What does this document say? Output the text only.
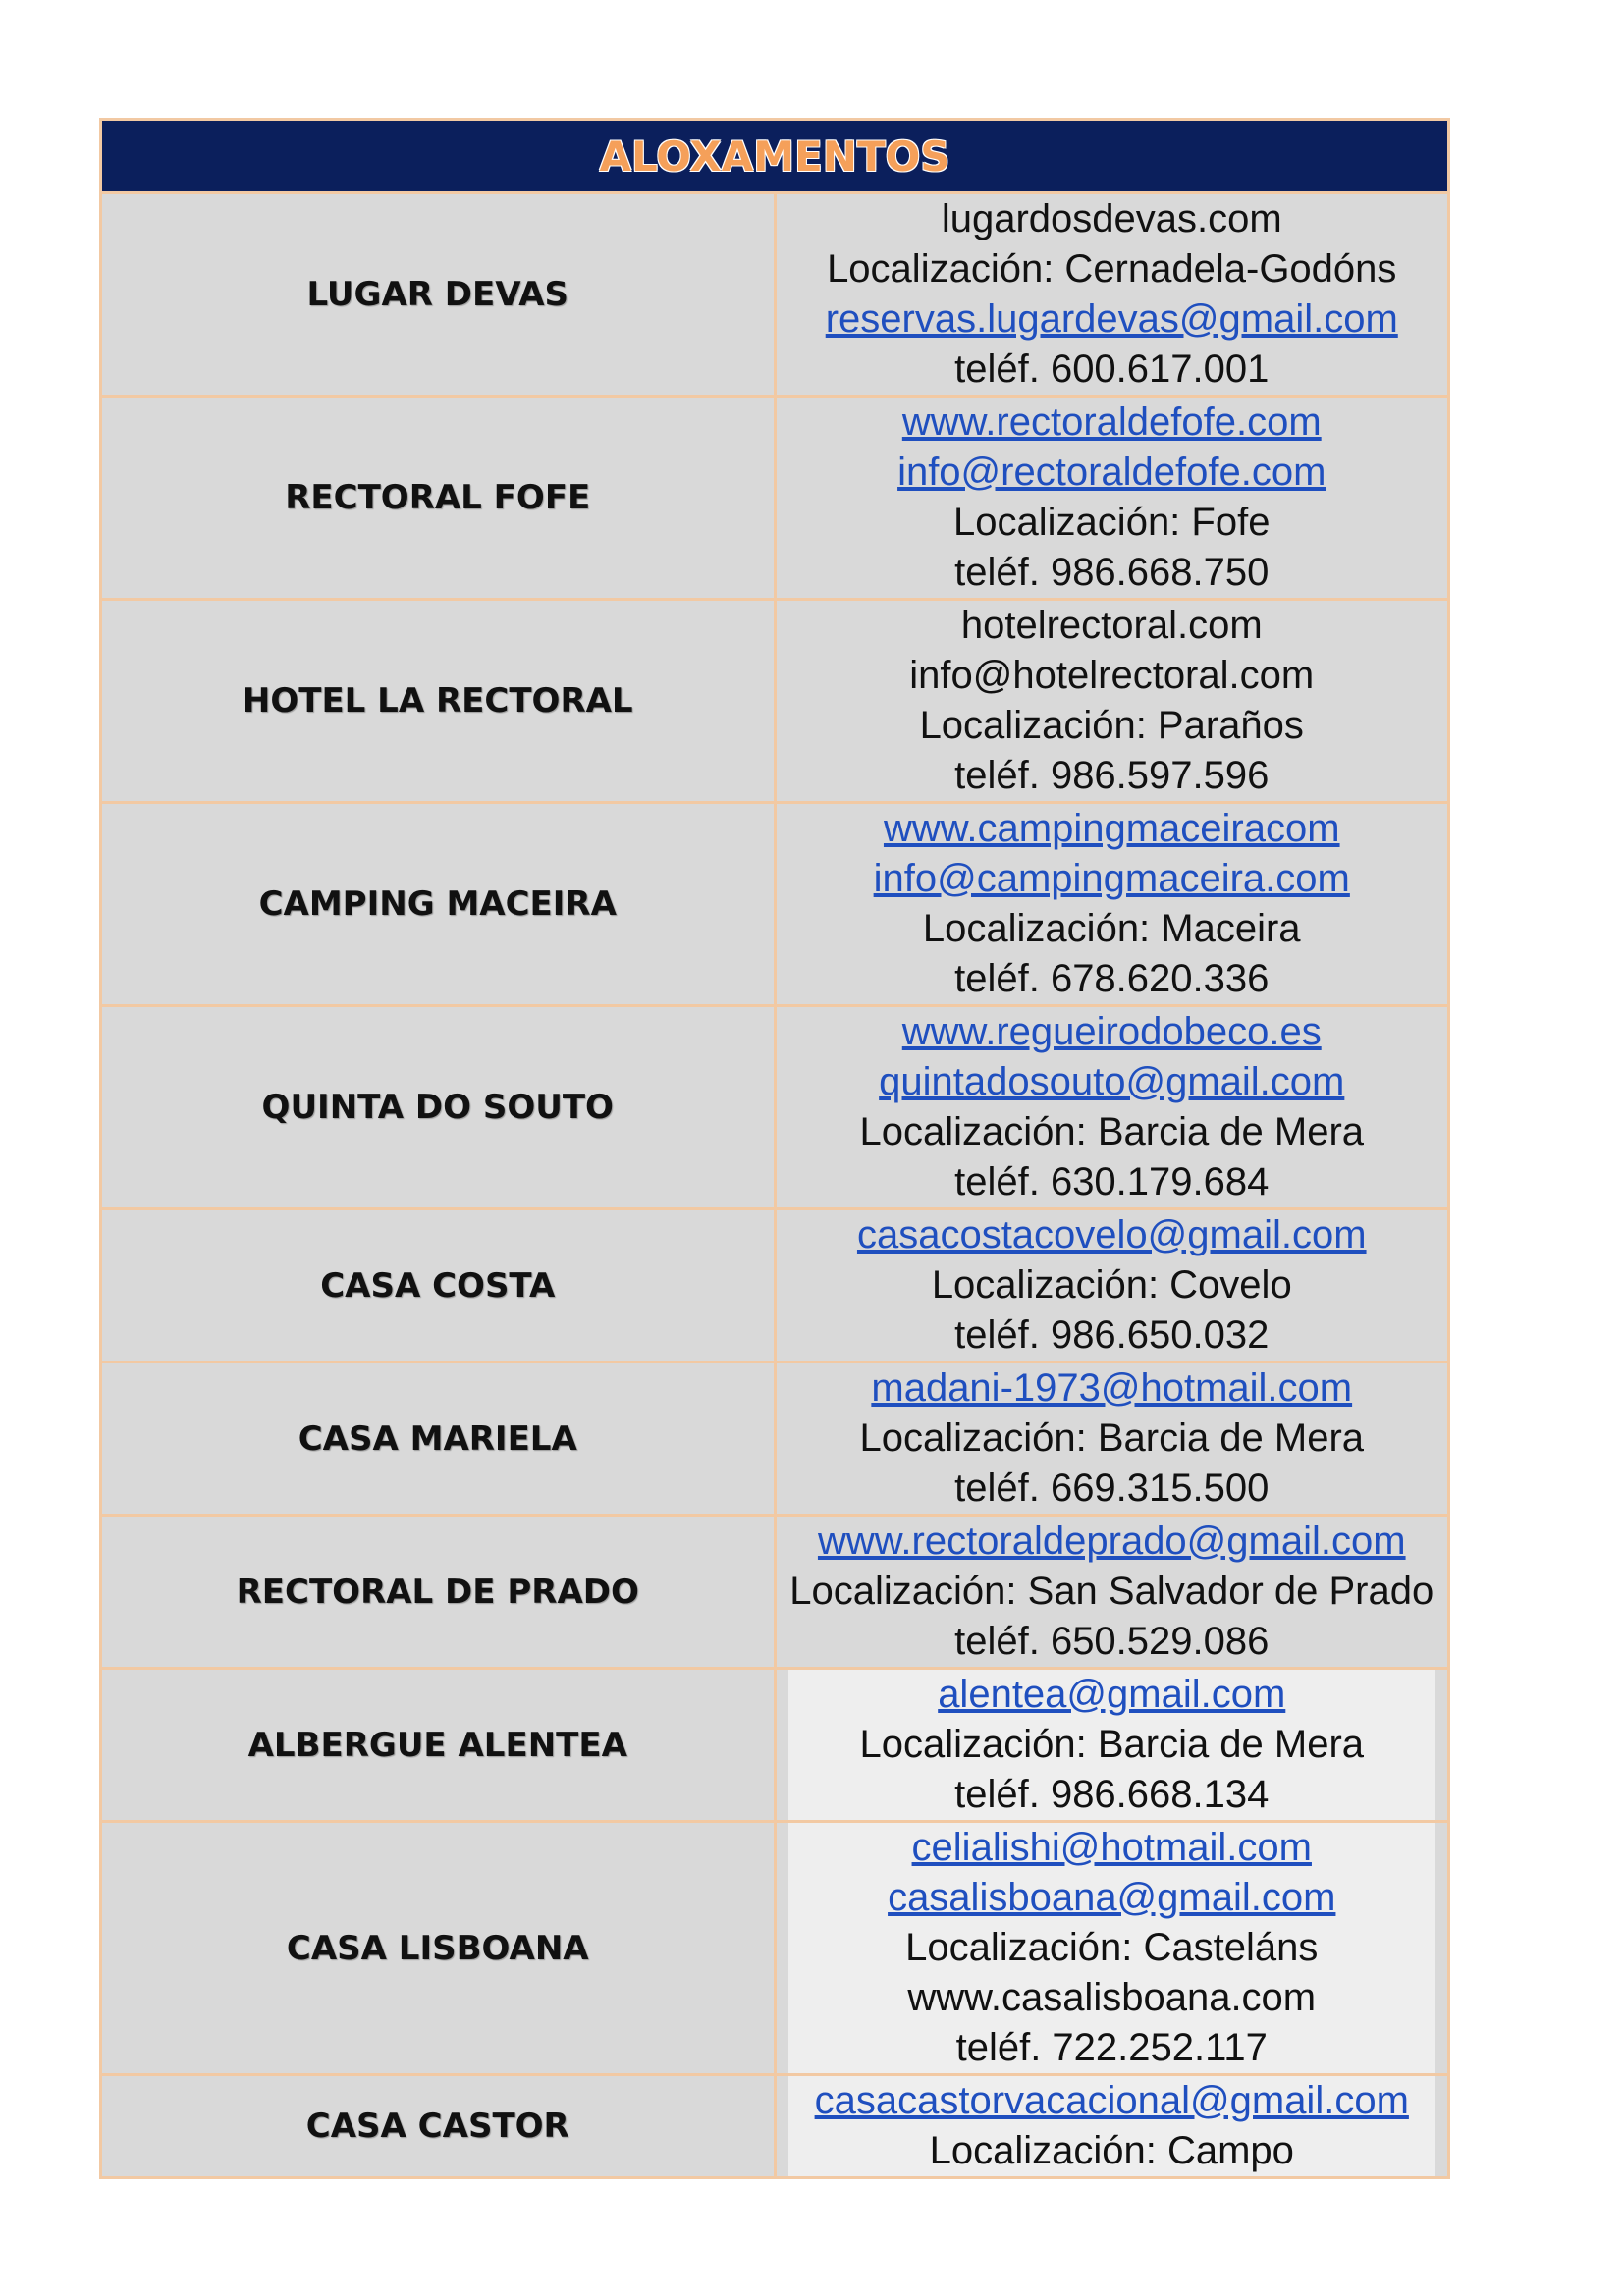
ALOXAMENTOS	
LUGAR DEVAS	lugardosdevas.com
Localización: Cernadela-Godóns
reservas.lugardevas@gmail.com
teléf. 600.617.001

RECTORAL FOFE	www.rectoraldefofe.com
info@rectoraldefofe.com
Localización: Fofe
teléf. 986.668.750

HOTEL LA RECTORAL	hotelrectoral.com
info@hotelrectoral.com
Localización: Paraños
teléf. 986.597.596

CAMPING MACEIRA	www.campingmaceiracom
info@campingmaceira.com
Localización: Maceira
teléf. 678.620.336

QUINTA DO SOUTO	www.regueirodobeco.es
quintadosouto@gmail.com
Localización: Barcia de Mera
teléf. 630.179.684

CASA COSTA	casacostacovelo@gmail.com
Localización: Covelo
teléf. 986.650.032

CASA MARIELA	madani-1973@hotmail.com
Localización: Barcia de Mera
teléf. 669.315.500

RECTORAL DE PRADO	www.rectoraldeprado@gmail.com
Localización: San Salvador de Prado
teléf. 650.529.086

ALBERGUE ALENTEA	alentea@gmail.com
Localización: Barcia de Mera
teléf. 986.668.134

CASA LISBOANA	celialishi@hotmail.com
casalisboana@gmail.com
Localización: Casteláns
www.casalisboana.com
teléf. 722.252.117

CASA CASTOR	casacastorvacacional@gmail.com
Localización: Campo
